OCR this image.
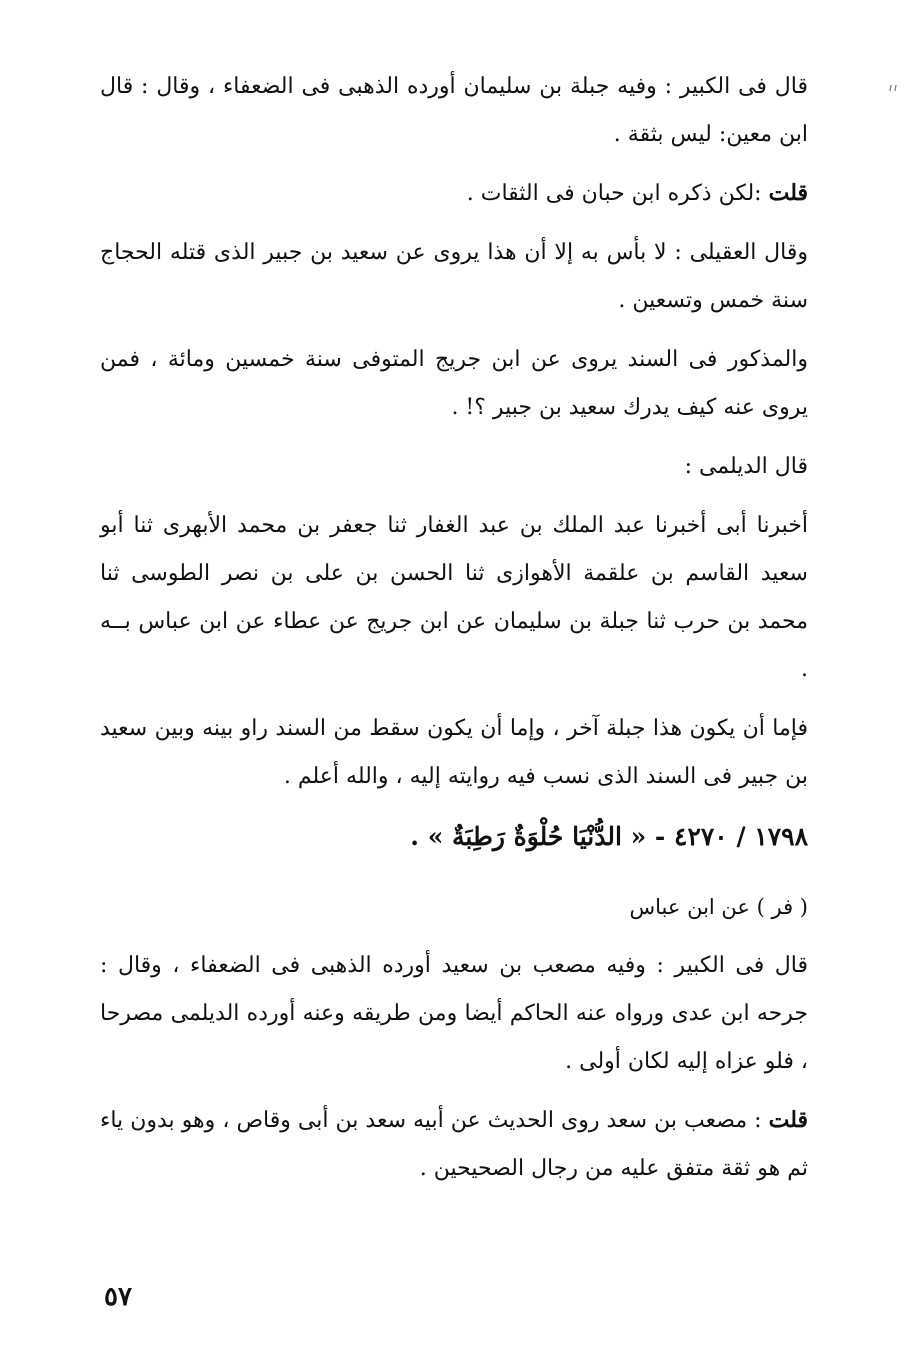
قال فى الكبير : وفيه جبلة بن سليمان أورده الذهبى فى الضعفاء ، وقال : قال ابن معين: ليس بثقة .

قلت :لكن ذكره ابن حبان فى الثقات .

وقال العقيلى : لا بأس به إلا أن هذا يروى عن سعيد بن جبير الذى قتله الحجاج سنة خمس وتسعين .

والمذكور فى السند يروى عن ابن جريج المتوفى سنة خمسين ومائة ، فمن يروى عنه كيف يدرك سعيد بن جبير ؟! .

قال الديلمى :

أخبرنا أبى أخبرنا عبد الملك بن عبد الغفار ثنا جعفر بن محمد الأبهرى ثنا أبو سعيد القاسم بن علقمة الأهوازى ثنا الحسن بن على بن نصر الطوسى ثنا محمد بن حرب ثنا جبلة بن سليمان عن ابن جريج عن عطاء عن ابن عباس بــه .

فإما أن يكون هذا جبلة آخر ، وإما أن يكون سقط من السند راو بينه وبين سعيد بن جبير فى السند الذى نسب فيه روايته إليه ، والله أعلم .

١٧٩٨ / ٤٢٧٠ - « الدُّنْيَا حُلْوَةٌ رَطِبَةٌ » .

( فر ) عن ابن عباس

قال فى الكبير : وفيه مصعب بن سعيد أورده الذهبى فى الضعفاء ، وقال : جرحه ابن عدى ورواه عنه الحاكم أيضا ومن طريقه وعنه أورده الديلمى مصرحا ، فلو عزاه إليه لكان أولى .

قلت : مصعب بن سعد روى الحديث عن أبيه سعد بن أبى وقاص ، وهو بدون ياء ثم هو ثقة متفق عليه من رجال الصحيحين .

٥٧
